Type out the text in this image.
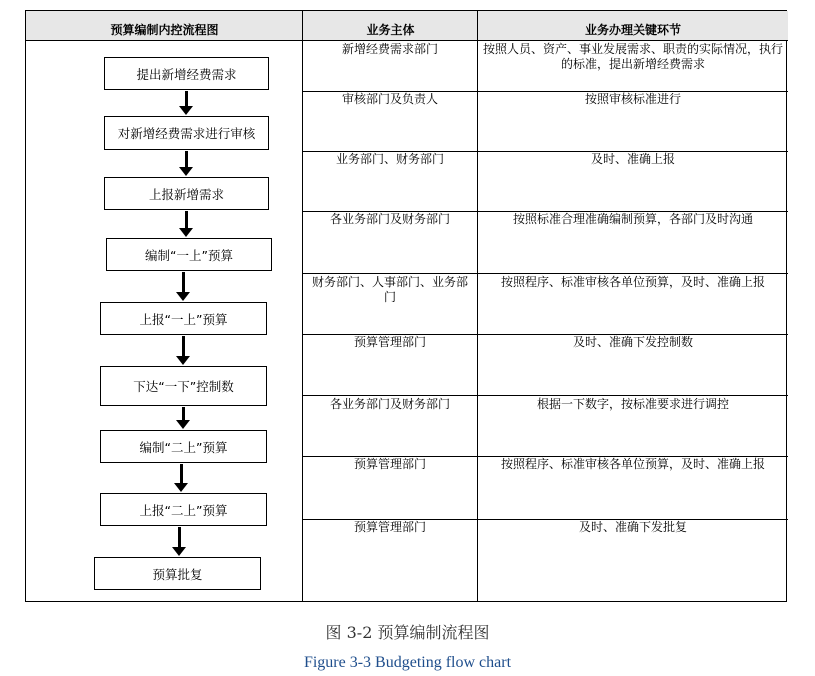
预算编制内控流程图	业务主体	业务办理关键环节
新增经费需求部门
审核部门及负责人
业务部门、财务部门
各业务部门及财务部门
财务部门、人事部门、业务部门
预算管理部门
各业务部门及财务部门
预算管理部门
预算管理部门
按照人员、资产、事业发展需求、职责的实际情况，执行的标准，提出新增经费需求
按照审核标准进行
及时、准确上报
按照标准合理准确编制预算，各部门及时沟通
按照程序、标准审核各单位预算，及时、准确上报
及时、准确下发控制数
根据一下数字，按标准要求进行调控
按照程序、标准审核各单位预算，及时、准确上报
及时、准确下发批复
提出新增经费需求
对新增经费需求进行审核
上报新增需求
编制“一上”预算
上报“一上”预算
下达“一下”控制数
编制“二上”预算
上报“二上”预算
预算批复
图 3-2 预算编制流程图
Figure 3-3 Budgeting flow chart
